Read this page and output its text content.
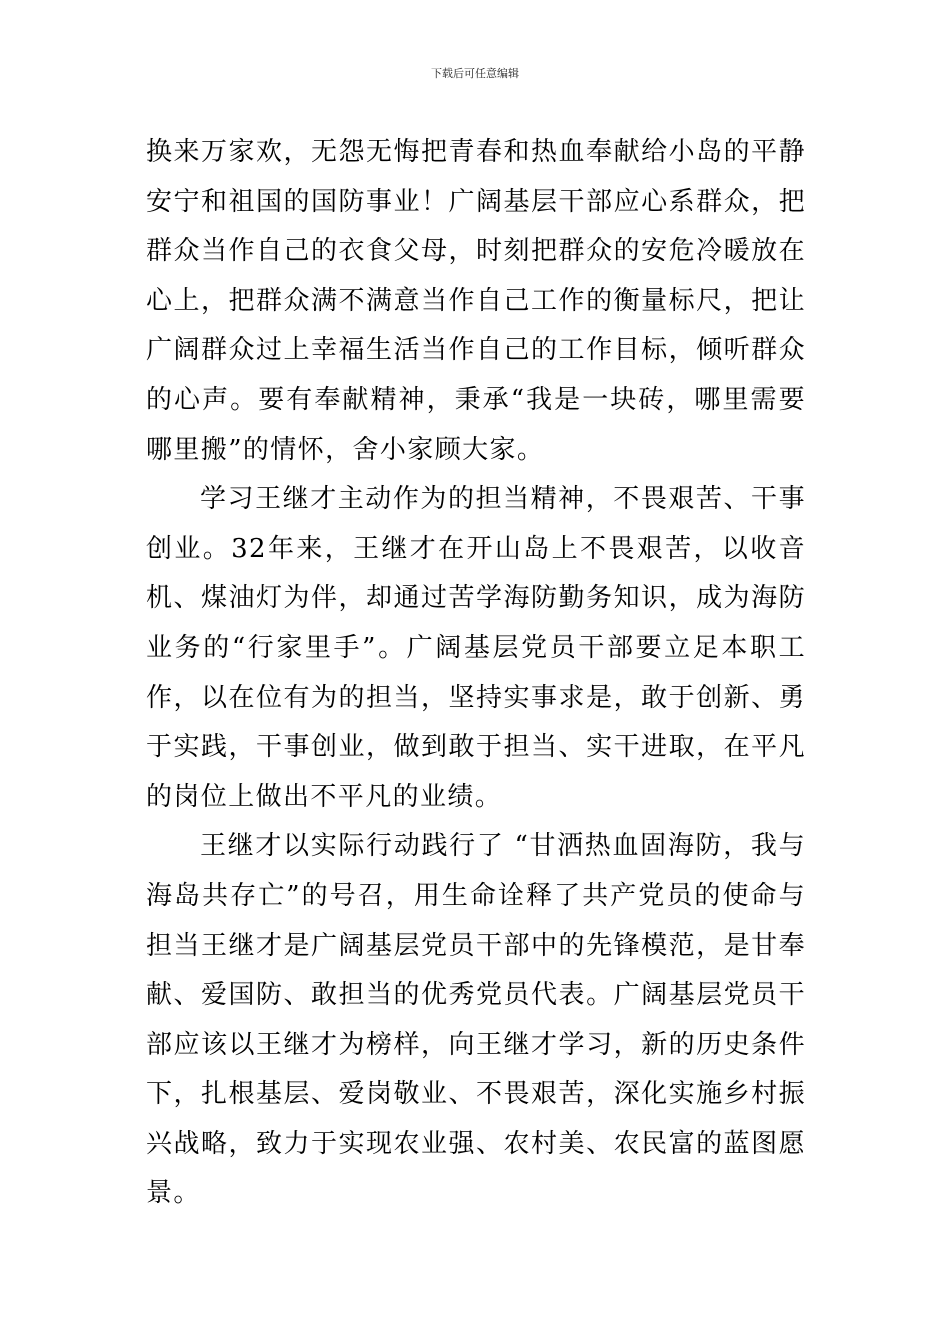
下载后可任意编辑

换来万家欢，无怨无悔把青春和热血奉献给小岛的平静安宁和祖国的国防事业！广阔基层干部应心系群众，把群众当作自己的衣食父母，时刻把群众的安危冷暖放在心上，把群众满不满意当作自己工作的衡量标尺，把让广阔群众过上幸福生活当作自己的工作目标，倾听群众的心声。要有奉献精神，秉承“我是一块砖，哪里需要哪里搬”的情怀，舍小家顾大家。

学习王继才主动作为的担当精神，不畏艰苦、干事创业。32年来，王继才在开山岛上不畏艰苦，以收音机、煤油灯为伴，却通过苦学海防勤务知识，成为海防业务的“行家里手”。广阔基层党员干部要立足本职工作，以在位有为的担当，坚持实事求是，敢于创新、勇于实践，干事创业，做到敢于担当、实干进取，在平凡的岗位上做出不平凡的业绩。

王继才以实际行动践行了 “甘洒热血固海防，我与海岛共存亡”的号召，用生命诠释了共产党员的使命与担当王继才是广阔基层党员干部中的先锋模范，是甘奉献、爱国防、敢担当的优秀党员代表。广阔基层党员干部应该以王继才为榜样，向王继才学习，新的历史条件下，扎根基层、爱岗敬业、不畏艰苦，深化实施乡村振兴战略，致力于实现农业强、农村美、农民富的蓝图愿景。
